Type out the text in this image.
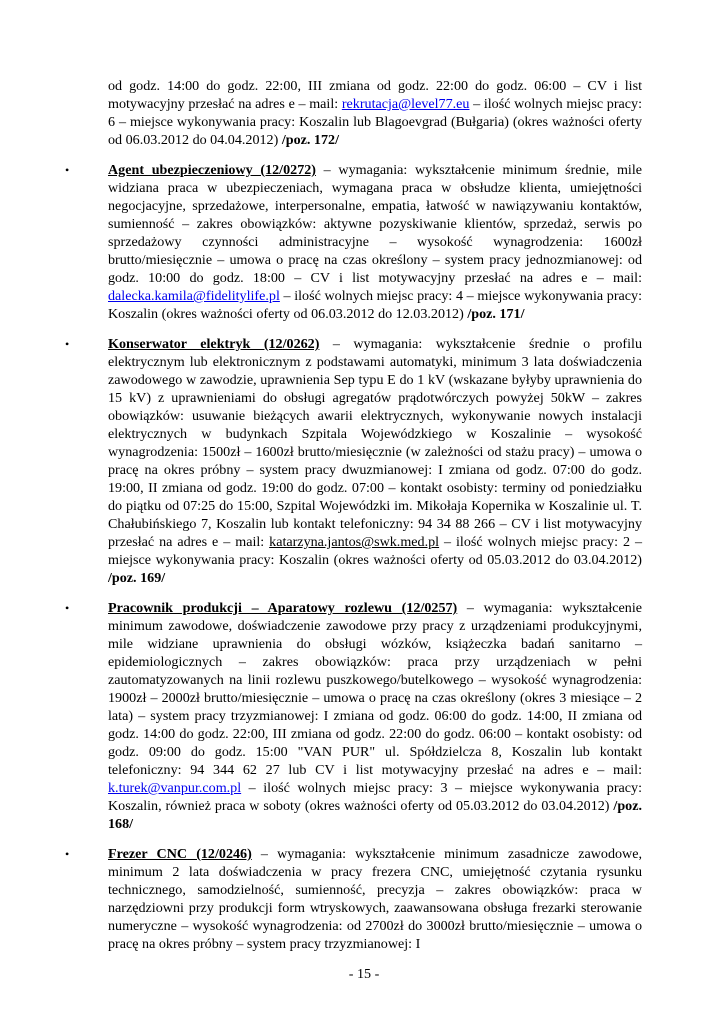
od godz. 14:00 do godz. 22:00, III zmiana od godz. 22:00 do godz. 06:00 – CV i list motywacyjny przesłać na adres e – mail: rekrutacja@level77.eu – ilość wolnych miejsc pracy: 6 – miejsce wykonywania pracy: Koszalin lub Blagoevgrad (Bułgaria) (okres ważności oferty od 06.03.2012 do 04.04.2012) /poz. 172/

•	Agent ubezpieczeniowy (12/0272) – wymagania: wykształcenie minimum średnie, mile widziana praca w ubezpieczeniach, wymagana praca w obsłudze klienta, umiejętności negocjacyjne, sprzedażowe, interpersonalne, empatia, łatwość w nawiązywaniu kontaktów, sumienność – zakres obowiązków: aktywne pozyskiwanie klientów, sprzedaż, serwis po sprzedażowy czynności administracyjne – wysokość wynagrodzenia: 1600zł brutto/miesięcznie – umowa o pracę na czas określony – system pracy jednozmianowej: od godz. 10:00 do godz. 18:00 – CV i list motywacyjny przesłać na adres e – mail: dalecka.kamila@fidelitylife.pl – ilość wolnych miejsc pracy: 4 – miejsce wykonywania pracy: Koszalin (okres ważności oferty od 06.03.2012 do 12.03.2012) /poz. 171/

•	Konserwator elektryk (12/0262) – wymagania: wykształcenie średnie o profilu elektrycznym lub elektronicznym z podstawami automatyki, minimum 3 lata doświadczenia zawodowego w zawodzie, uprawnienia Sep typu E do 1 kV (wskazane byłyby uprawnienia do 15 kV) z uprawnieniami do obsługi agregatów prądotwórczych powyżej 50kW – zakres obowiązków: usuwanie bieżących awarii elektrycznych, wykonywanie nowych instalacji elektrycznych w budynkach Szpitala Wojewódzkiego w Koszalinie – wysokość wynagrodzenia: 1500zł – 1600zł brutto/miesięcznie (w zależności od stażu pracy) – umowa o pracę na okres próbny – system pracy dwuzmianowej: I zmiana od godz. 07:00 do godz. 19:00, II zmiana od godz. 19:00 do godz. 07:00 – kontakt osobisty: terminy od poniedziałku do piątku od 07:25 do 15:00, Szpital Wojewódzki im. Mikołaja Kopernika w Koszalinie ul. T. Chałubińskiego 7, Koszalin lub kontakt telefoniczny: 94 34 88 266 – CV i list motywacyjny przesłać na adres e – mail: katarzyna.jantos@swk.med.pl – ilość wolnych miejsc pracy: 2 – miejsce wykonywania pracy: Koszalin (okres ważności oferty od 05.03.2012 do 03.04.2012) /poz. 169/

•	Pracownik produkcji – Aparatowy rozlewu (12/0257) – wymagania: wykształcenie minimum zawodowe, doświadczenie zawodowe przy pracy z urządzeniami produkcyjnymi, mile widziane uprawnienia do obsługi wózków, książeczka badań sanitarno – epidemiologicznych – zakres obowiązków: praca przy urządzeniach w pełni zautomatyzowanych na linii rozlewu puszkowego/butelkowego – wysokość wynagrodzenia: 1900zł – 2000zł brutto/miesięcznie – umowa o pracę na czas określony (okres 3 miesiące – 2 lata) – system pracy trzyzmianowej: I zmiana od godz. 06:00 do godz. 14:00, II zmiana od godz. 14:00 do godz. 22:00, III zmiana od godz. 22:00 do godz. 06:00 – kontakt osobisty: od godz. 09:00 do godz. 15:00 "VAN PUR" ul. Spółdzielcza 8, Koszalin lub kontakt telefoniczny: 94 344 62 27 lub CV i list motywacyjny przesłać na adres e – mail: k.turek@vanpur.com.pl – ilość wolnych miejsc pracy: 3 – miejsce wykonywania pracy: Koszalin, również praca w soboty (okres ważności oferty od 05.03.2012 do 03.04.2012) /poz. 168/

•	Frezer CNC (12/0246) – wymagania: wykształcenie minimum zasadnicze zawodowe, minimum 2 lata doświadczenia w pracy frezera CNC, umiejętność czytania rysunku technicznego, samodzielność, sumienność, precyzja – zakres obowiązków: praca w narzędziowni przy produkcji form wtryskowych, zaawansowana obsługa frezarki sterowanie numeryczne – wysokość wynagrodzenia: od 2700zł do 3000zł brutto/miesięcznie – umowa o pracę na okres próbny – system pracy trzyzmianowej: I

- 15 -
